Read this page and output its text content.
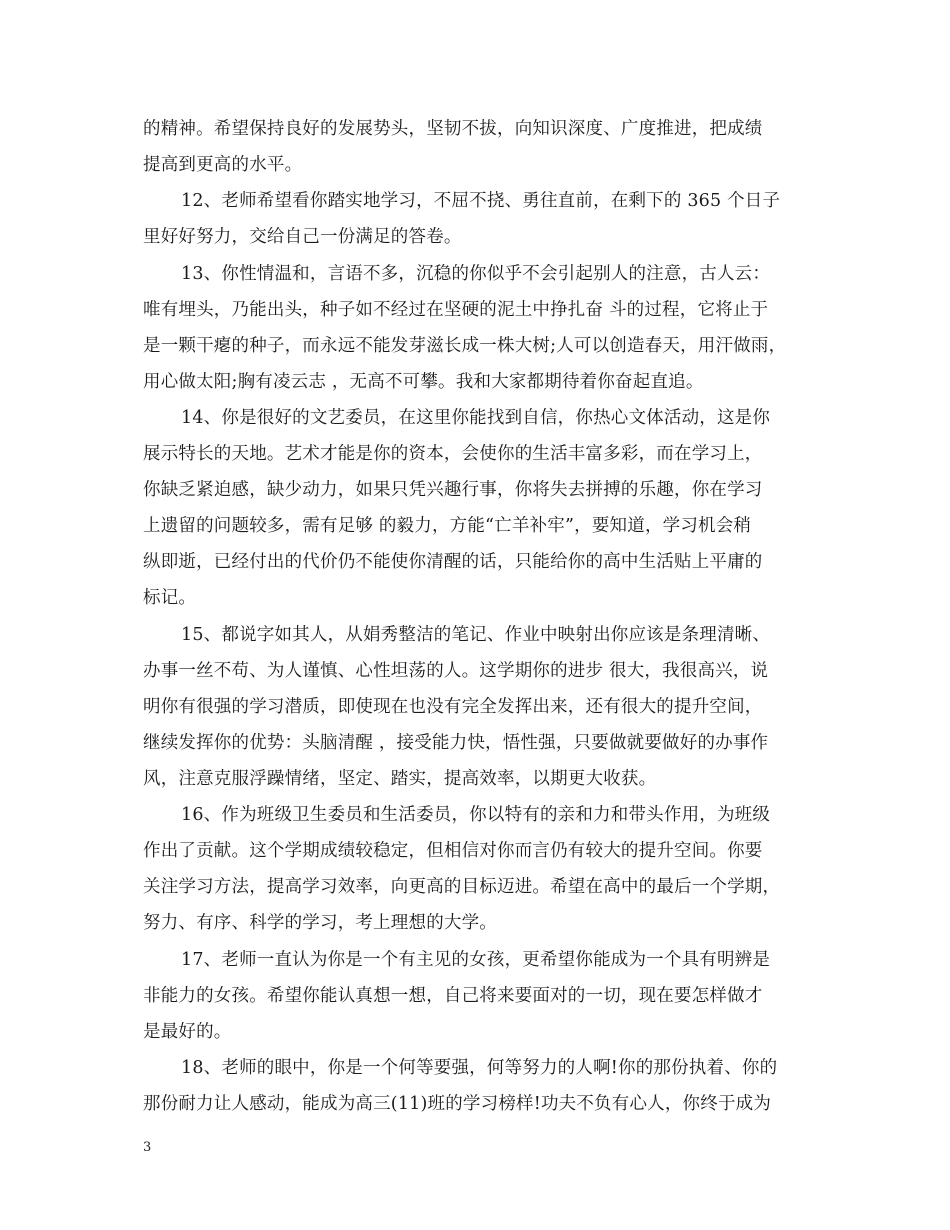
的精神。希望保持良好的发展势头，坚韧不拔，向知识深度、广度推进，把成绩
提高到更高的水平。
12、老师希望看你踏实地学习，不屈不挠、勇往直前，在剩下的 365 个日子
里好好努力，交给自己一份满足的答卷。
13、你性情温和，言语不多，沉稳的你似乎不会引起别人的注意，古人云：
唯有埋头，乃能出头，种子如不经过在坚硬的泥土中挣扎奋 斗的过程，它将止于
是一颗干瘪的种子，而永远不能发芽滋长成一株大树;人可以创造春天，用汗做雨，
用心做太阳;胸有凌云志 ，无高不可攀。我和大家都期待着你奋起直追。
14、你是很好的文艺委员，在这里你能找到自信，你热心文体活动，这是你
展示特长的天地。艺术才能是你的资本，会使你的生活丰富多彩，而在学习上，
你缺乏紧迫感，缺少动力，如果只凭兴趣行事，你将失去拼搏的乐趣，你在学习
上遗留的问题较多，需有足够 的毅力，方能“亡羊补牢”，要知道，学习机会稍
纵即逝，已经付出的代价仍不能使你清醒的话，只能给你的高中生活贴上平庸的
标记。
15、都说字如其人，从娟秀整洁的笔记、作业中映射出你应该是条理清晰、
办事一丝不苟、为人谨慎、心性坦荡的人。这学期你的进步 很大，我很高兴，说
明你有很强的学习潜质，即使现在也没有完全发挥出来，还有很大的提升空间，
继续发挥你的优势：头脑清醒 ，接受能力快，悟性强，只要做就要做好的办事作
风，注意克服浮躁情绪，坚定、踏实，提高效率，以期更大收获。
16、作为班级卫生委员和生活委员，你以特有的亲和力和带头作用，为班级
作出了贡献。这个学期成绩较稳定，但相信对你而言仍有较大的提升空间。你要
关注学习方法，提高学习效率，向更高的目标迈进。希望在高中的最后一个学期，
努力、有序、科学的学习，考上理想的大学。
17、老师一直认为你是一个有主见的女孩，更希望你能成为一个具有明辨是
非能力的女孩。希望你能认真想一想，自己将来要面对的一切，现在要怎样做才
是最好的。
18、老师的眼中，你是一个何等要强，何等努力的人啊!你的那份执着、你的
那份耐力让人感动，能成为高三(11)班的学习榜样!功夫不负有心人，你终于成为
3
